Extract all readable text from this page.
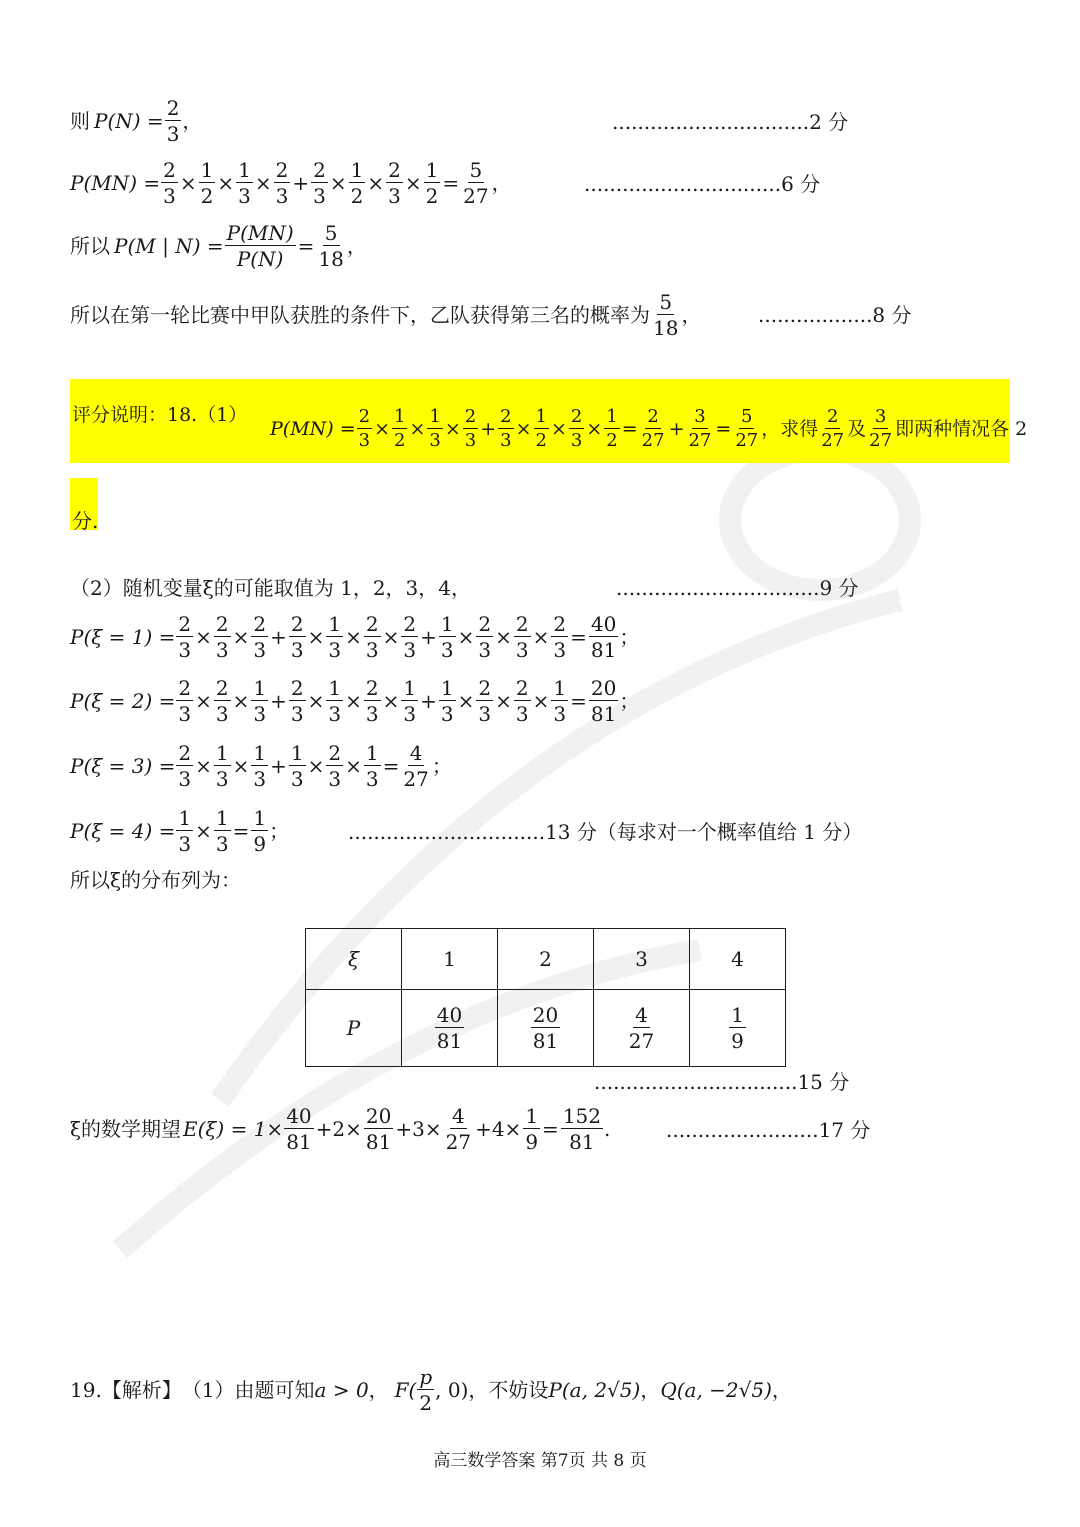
则 $P(N) = \frac{2}{3}$ ，	...............................2 分
$P(MN) = \frac{2}{3} \times \frac{1}{2} \times \frac{1}{3} \times \frac{2}{3} + \frac{2}{3} \times \frac{1}{2} \times \frac{2}{3} \times \frac{1}{2} = \frac{5}{27}$ ，	...............................6 分
所以 P(M | $N) = \frac{P(MN)}{P(N)} = \frac{5}{18}$ ，
所以在第一轮比赛中甲队获胜的条件下，乙队获得第三名的概率为 $\frac{5}{18}$ ，	..................8 分
评分说明：18.（1）
$P(MN) = \frac{2}{3} \times \frac{1}{2} \times \frac{1}{3} \times \frac{2}{3} + \frac{2}{3} \times \frac{1}{2} \times \frac{2}{3} \times \frac{1}{2} = \frac{2}{27} + \frac{3}{27} = \frac{5}{27}$ ，求得 $\frac{2}{27}$ 及 $\frac{3}{27}$ 即两种情况各 2
分.
（2）随机变量ξ的可能取值为 1，2，3，4，	................................9 分
$P(\xi = 1) = \frac{2}{3} \times \frac{2}{3} \times \frac{2}{3} + \frac{2}{3} \times \frac{1}{3} \times \frac{2}{3} \times \frac{2}{3} + \frac{1}{3} \times \frac{2}{3} \times \frac{2}{3} \times \frac{2}{3} = \frac{40}{81}$ ；
$P(\xi = 2) = \frac{2}{3} \times \frac{2}{3} \times \frac{1}{3} + \frac{2}{3} \times \frac{1}{3} \times \frac{2}{3} \times \frac{1}{3} + \frac{1}{3} \times \frac{2}{3} \times \frac{2}{3} \times \frac{1}{3} = \frac{20}{81}$ ；
$P(\xi = 3) = \frac{2}{3} \times \frac{1}{3} \times \frac{1}{3} + \frac{1}{3} \times \frac{2}{3} \times \frac{1}{3} = \frac{4}{27}$ ；
$P(\xi = 4) = \frac{1}{3} \times \frac{1}{3} = \frac{1}{9}$ ；	...............................13 分（每求对一个概率值给 1 分）
所以ξ的分布列为：
ξ	1	2	3	4
P	$\frac{40}{81}$	$\frac{20}{81}$	$\frac{4}{27}$	$\frac{1}{9}$
................................15 分
ξ的数学期望 $E(\xi) = 1\times \frac{40}{81} +2\times \frac{20}{81} +3\times \frac{4}{27} +4\times \frac{1}{9} = \frac{152}{81}$ .	........................17 分
19.【解析】 （1）由题可知 a > 0 ， $F( \frac{p}{2}$ , 0) ，不妨设 P(a, 2√5) ， Q(a, −2√5) ，
高三数学答案 第7页 共 8 页
